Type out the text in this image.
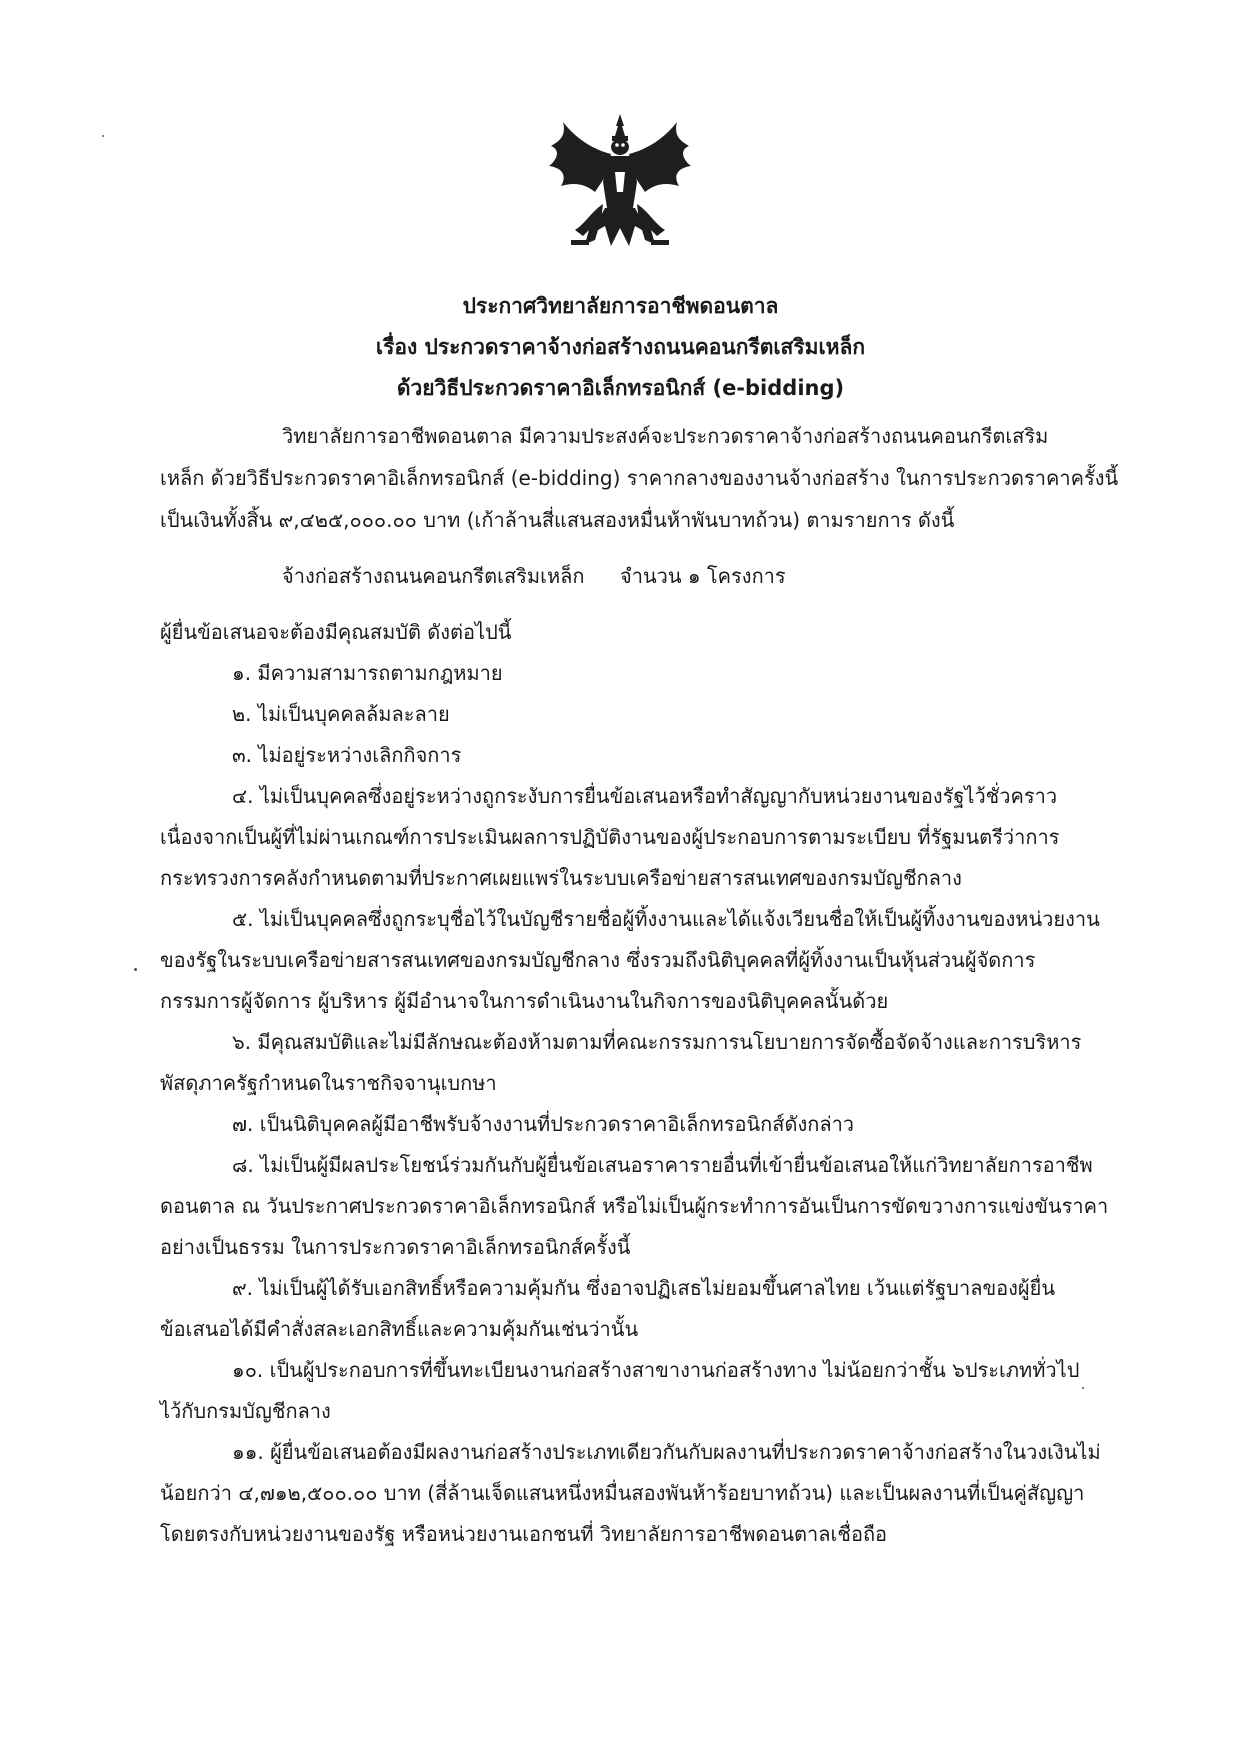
ประกาศวิทยาลัยการอาชีพดอนตาล
เรื่อง ประกวดราคาจ้างก่อสร้างถนนคอนกรีตเสริมเหล็ก
ด้วยวิธีประกวดราคาอิเล็กทรอนิกส์ (e-bidding)
วิทยาลัยการอาชีพดอนตาล มีความประสงค์จะประกวดราคาจ้างก่อสร้างถนนคอนกรีตเสริม
เหล็ก ด้วยวิธีประกวดราคาอิเล็กทรอนิกส์ (e-bidding) ราคากลางของงานจ้างก่อสร้าง ในการประกวดราคาครั้งนี้
เป็นเงินทั้งสิ้น ๙,๔๒๕,๐๐๐.๐๐ บาท (เก้าล้านสี่แสนสองหมื่นห้าพันบาทถ้วน) ตามรายการ ดังนี้
จ้างก่อสร้างถนนคอนกรีตเสริมเหล็ก จำนวน ๑ โครงการ
ผู้ยื่นข้อเสนอจะต้องมีคุณสมบัติ ดังต่อไปนี้
๑. มีความสามารถตามกฎหมาย
๒. ไม่เป็นบุคคลล้มละลาย
๓. ไม่อยู่ระหว่างเลิกกิจการ
๔. ไม่เป็นบุคคลซึ่งอยู่ระหว่างถูกระงับการยื่นข้อเสนอหรือทำสัญญากับหน่วยงานของรัฐไว้ชั่วคราว
เนื่องจากเป็นผู้ที่ไม่ผ่านเกณฑ์การประเมินผลการปฏิบัติงานของผู้ประกอบการตามระเบียบ ที่รัฐมนตรีว่าการ
กระทรวงการคลังกำหนดตามที่ประกาศเผยแพร่ในระบบเครือข่ายสารสนเทศของกรมบัญชีกลาง
๕. ไม่เป็นบุคคลซึ่งถูกระบุชื่อไว้ในบัญชีรายชื่อผู้ทิ้งงานและได้แจ้งเวียนชื่อให้เป็นผู้ทิ้งงานของหน่วยงาน
ของรัฐในระบบเครือข่ายสารสนเทศของกรมบัญชีกลาง ซึ่งรวมถึงนิติบุคคลที่ผู้ทิ้งงานเป็นหุ้นส่วนผู้จัดการ
กรรมการผู้จัดการ ผู้บริหาร ผู้มีอำนาจในการดำเนินงานในกิจการของนิติบุคคลนั้นด้วย
๖. มีคุณสมบัติและไม่มีลักษณะต้องห้ามตามที่คณะกรรมการนโยบายการจัดซื้อจัดจ้างและการบริหาร
พัสดุภาครัฐกำหนดในราชกิจจานุเบกษา
๗. เป็นนิติบุคคลผู้มีอาชีพรับจ้างงานที่ประกวดราคาอิเล็กทรอนิกส์ดังกล่าว
๘. ไม่เป็นผู้มีผลประโยชน์ร่วมกันกับผู้ยื่นข้อเสนอราคารายอื่นที่เข้ายื่นข้อเสนอให้แก่วิทยาลัยการอาชีพ
ดอนตาล ณ วันประกาศประกวดราคาอิเล็กทรอนิกส์ หรือไม่เป็นผู้กระทำการอันเป็นการขัดขวางการแข่งขันราคา
อย่างเป็นธรรม ในการประกวดราคาอิเล็กทรอนิกส์ครั้งนี้
๙. ไม่เป็นผู้ได้รับเอกสิทธิ์หรือความคุ้มกัน ซึ่งอาจปฏิเสธไม่ยอมขึ้นศาลไทย เว้นแต่รัฐบาลของผู้ยื่น
ข้อเสนอได้มีคำสั่งสละเอกสิทธิ์และความคุ้มกันเช่นว่านั้น
๑๐. เป็นผู้ประกอบการที่ขึ้นทะเบียนงานก่อสร้างสาขางานก่อสร้างทาง ไม่น้อยกว่าชั้น ๖ประเภททั่วไป
ไว้กับกรมบัญชีกลาง
๑๑. ผู้ยื่นข้อเสนอต้องมีผลงานก่อสร้างประเภทเดียวกันกับผลงานที่ประกวดราคาจ้างก่อสร้างในวงเงินไม่
น้อยกว่า ๔,๗๑๒,๕๐๐.๐๐ บาท (สี่ล้านเจ็ดแสนหนึ่งหมื่นสองพันห้าร้อยบาทถ้วน) และเป็นผลงานที่เป็นคู่สัญญา
โดยตรงกับหน่วยงานของรัฐ หรือหน่วยงานเอกชนที่ วิทยาลัยการอาชีพดอนตาลเชื่อถือ
